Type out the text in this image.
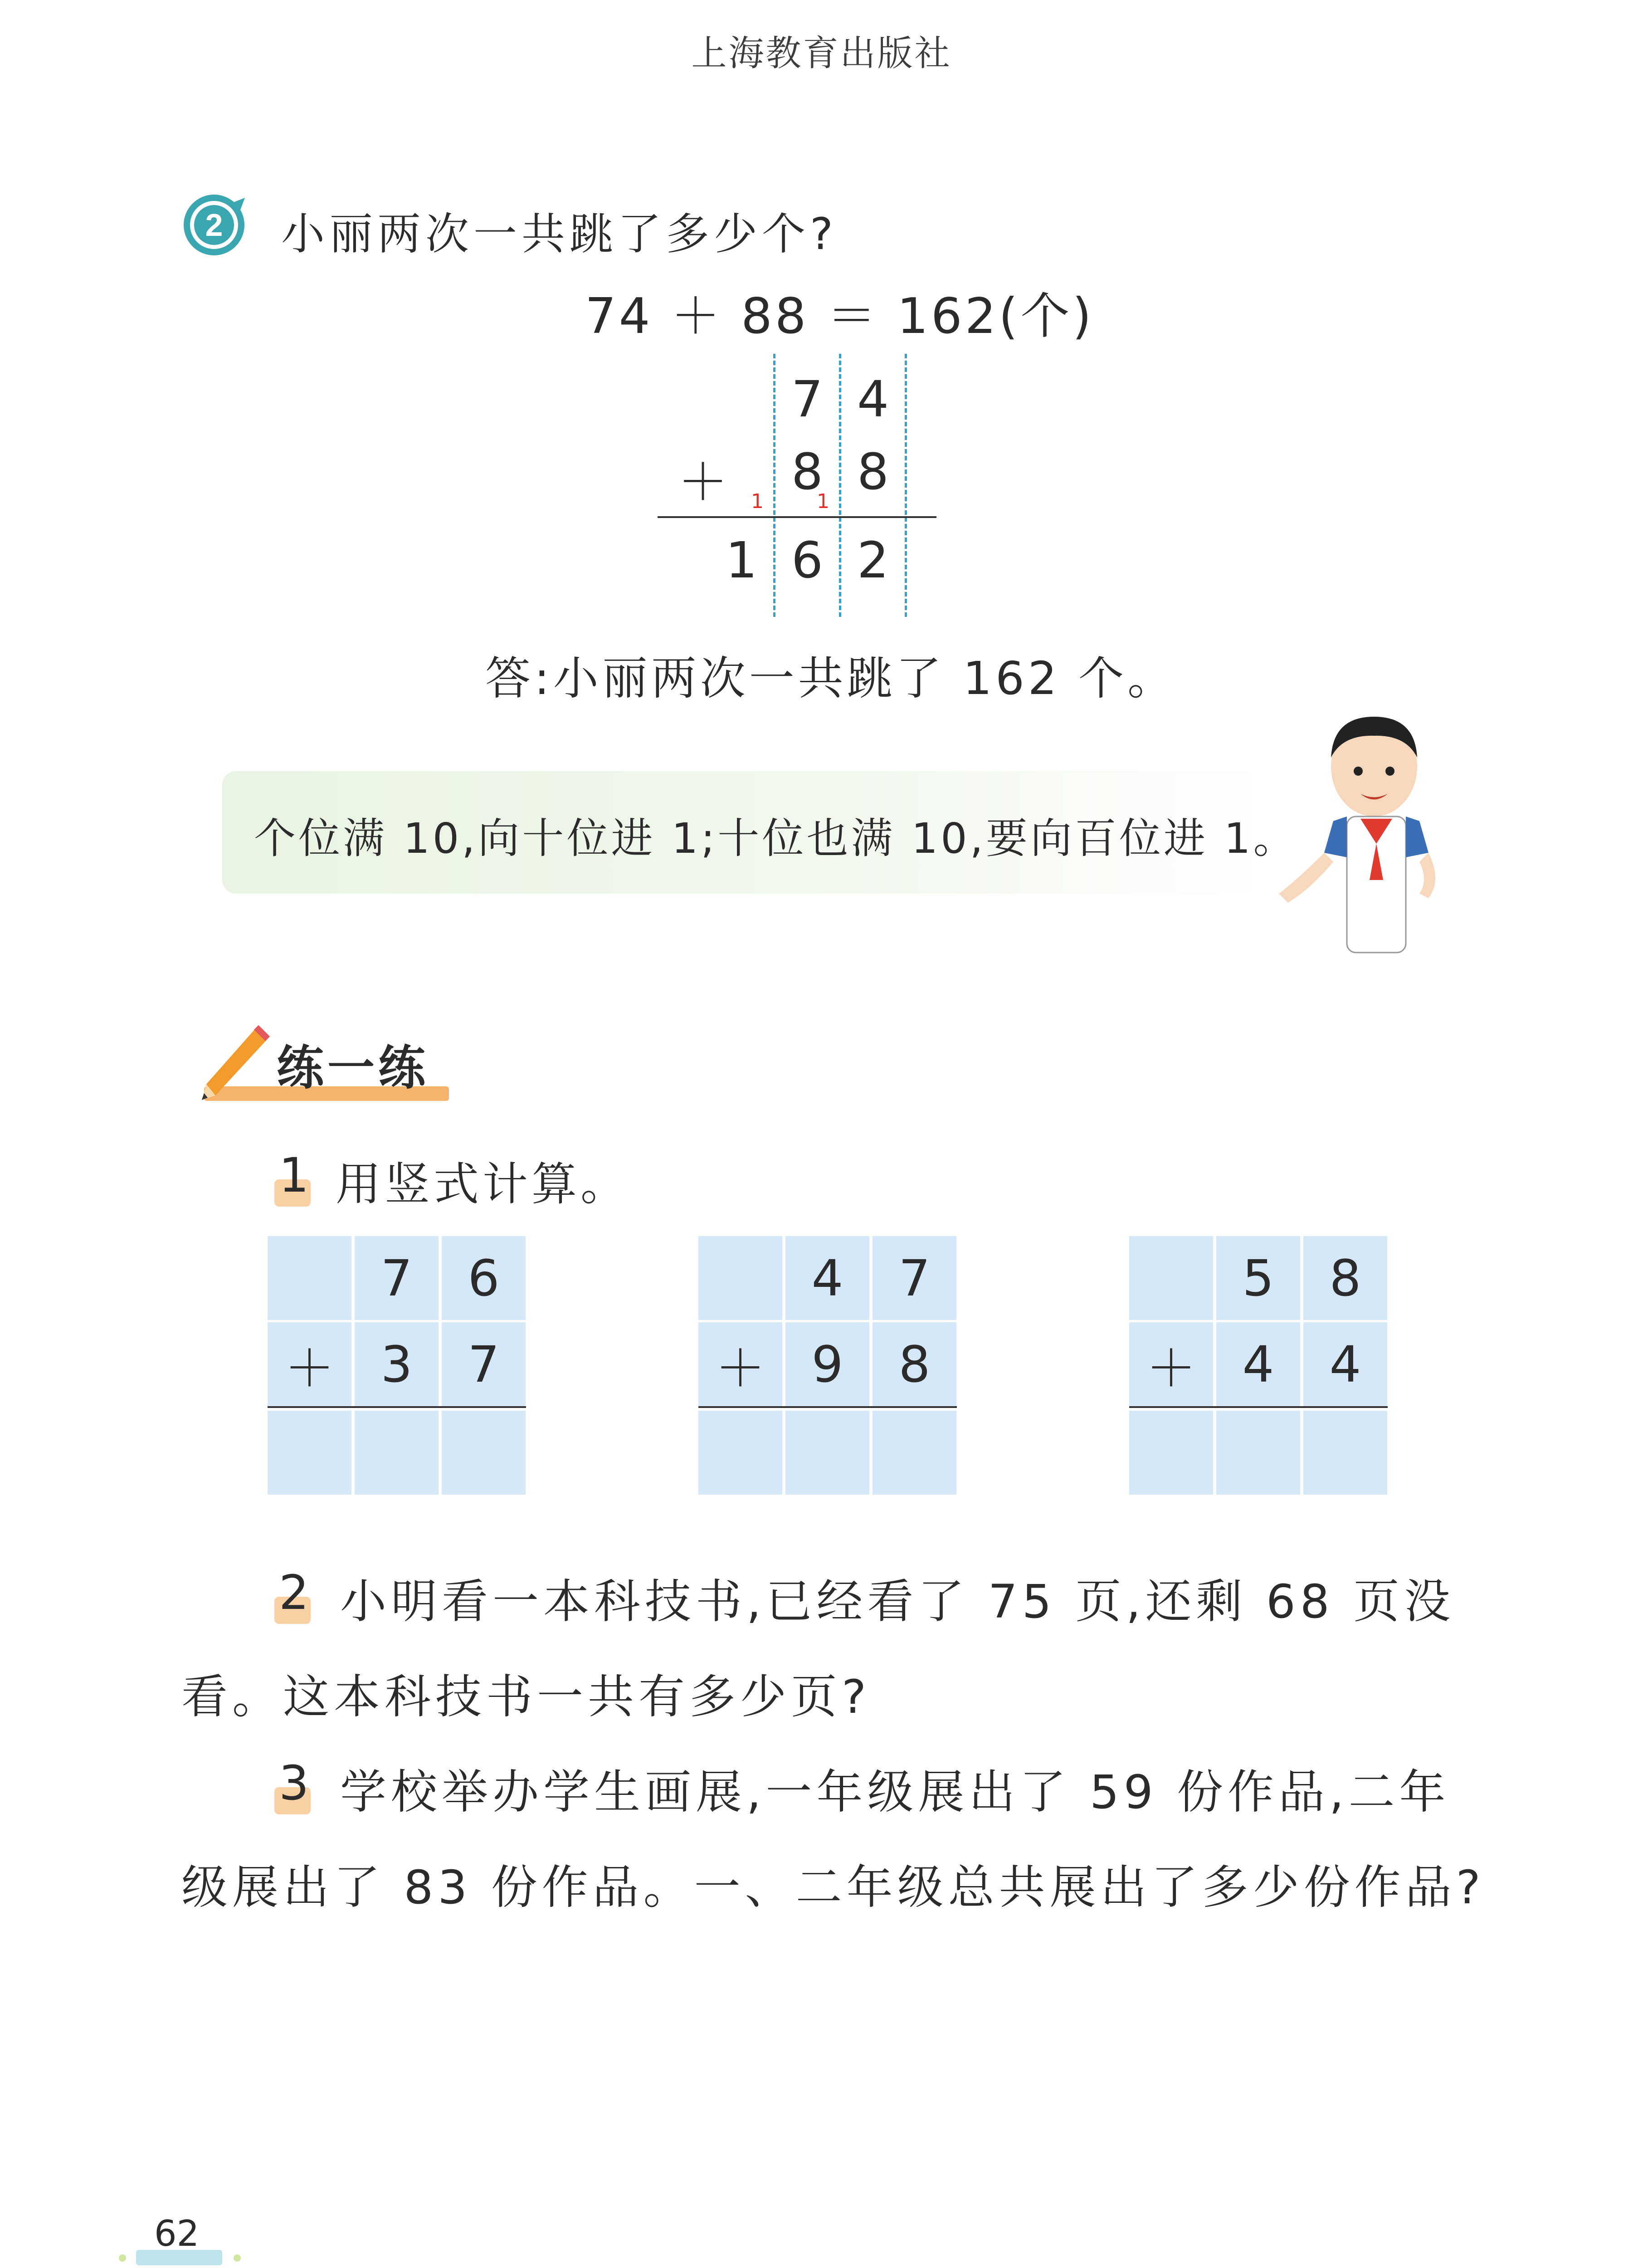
上海教育出版社
2 小丽两次一共跳了多少个?
74 ＋ 88 ＝ 162(个)
7 4
＋ 8 8
1	1
1 6 2
答:小丽两次一共跳了 162 个。
个位满 10,向十位进 1;十位也满 10,要向百位进 1。
练一练
1 用竖式计算。
7	6
＋ 3	7
4	7
＋ 9	8
5	8
＋ 4	4
2 小明看一本科技书,已经看了 75 页,还剩 68 页没
看。这本科技书一共有多少页?
3 学校举办学生画展,一年级展出了 59 份作品,二年
级展出了 83 份作品。一、二年级总共展出了多少份作品?
62
